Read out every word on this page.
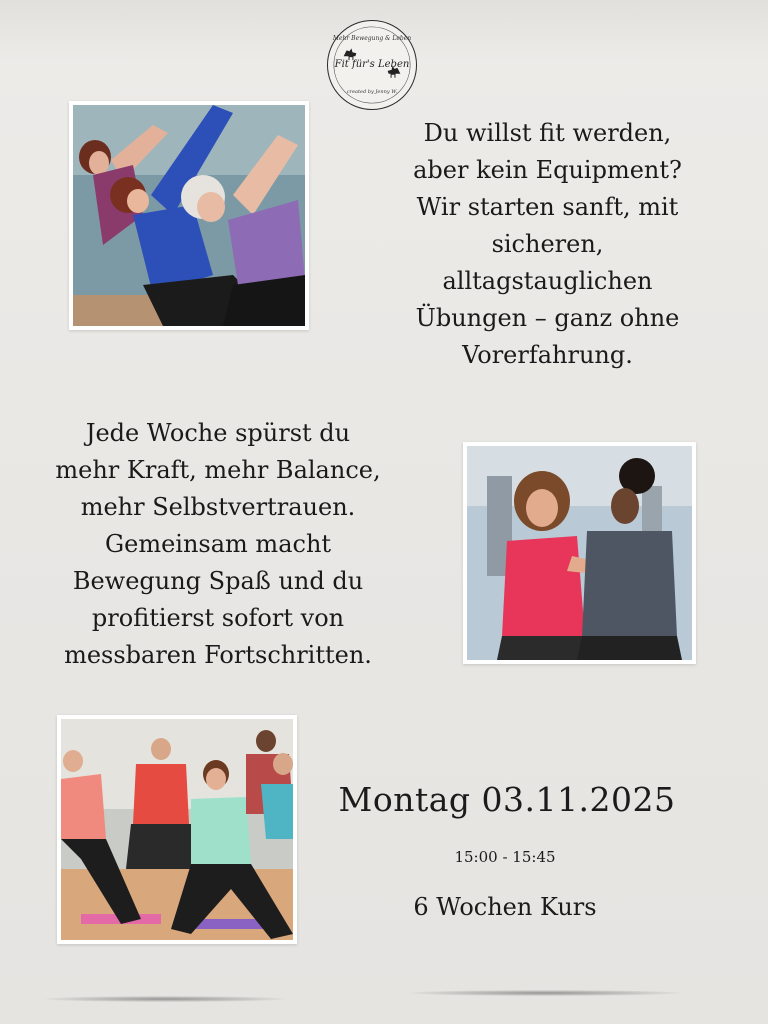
Mehr Bewegung & Leben
Fit für's Leben
created by Jenny W.
Du willst fit werden,
aber kein Equipment?
Wir starten sanft, mit
sicheren,
alltagstauglichen
Übungen – ganz ohne
Vorerfahrung.
Jede Woche spürst du
mehr Kraft, mehr Balance,
mehr Selbstvertrauen.
Gemeinsam macht
Bewegung Spaß und du
profitierst sofort von
messbaren Fortschritten.
Montag 03.11.2025
15:00 - 15:45
6 Wochen Kurs
